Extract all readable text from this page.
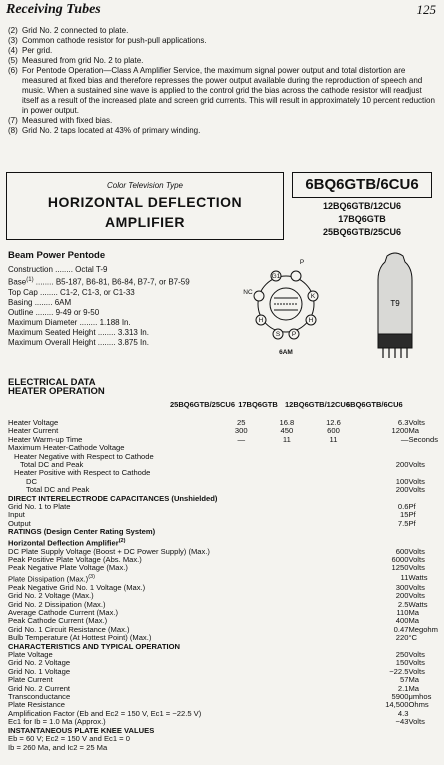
Receiving Tubes	125
(2) Grid No. 2 connected to plate.
(3) Common cathode resistor for push-pull applications.
(4) Per grid.
(5) Measured from grid No. 2 to plate.
(6) For Pentode Operation—Class A Amplifier Service, the maximum signal power output and total distortion are measured at fixed bias and therefore represses the power output available during the reproduction of speech and music. When a sustained sine wave is applied to the control grid the bias across the cathode resistor will readjust itself as a result of the increased plate and screen grid currents. This will result in approximately 10 percent reduction in power output.
(7) Measured with fixed bias.
(8) Grid No. 2 taps located at 43% of primary winding.
Color Television Type
HORIZONTAL DEFLECTION
AMPLIFIER
6BQ6GTB/6CU6
12BQ6GTB/12CU6
17BQ6GTB
25BQ6GTB/25CU6
Beam Power Pentode
Construction ........ Octal T-9
Base$^{(1)}$ ........ B5-187, B6-81, B6-84, B7-7, or B7-59
Top Cap ........ C1-2, C1-3, or C1-33
Basing ........ 6AM
Outline ........ 9-49 or 9-50
Maximum Diameter ........ 1.188 In.
Maximum Seated Height ........ 3.313 In.
Maximum Overall Height ........ 3.875 In.
G1
NC
K
H	H
S P
P
6AM
T9
ELECTRICAL DATA
HEATER OPERATION
25BQ6GTB/25CU6 17BQ6GTB 12BQ6GTB/12CU6
6BQ6GTB/6CU6
Heater Voltage	25	16.8	12.6	6.3	Volts
Heater Current	300	450	600	1200	Ma
Heater Warm-up Time	—	11	11	—	Seconds
Maximum Heater-Cathode Voltage					
Heater Negative with Respect to Cathode					
Total DC and Peak				200	Volts
Heater Positive with Respect to Cathode					
DC				100	Volts
Total DC and Peak				200	Volts
DIRECT INTERELECTRODE CAPACITANCES (Unshielded)					
Grid No. 1 to Plate				0.6	Pf
Input				15	Pf
Output				7.5	Pf
RATINGS (Design Center Rating System)					
Horizontal Deflection Amplifier$^{(2)}$					
DC Plate Supply Voltage (Boost + DC Power Supply) (Max.)				600	Volts
Peak Positive Plate Voltage (Abs. Max.)				6000	Volts
Peak Negative Plate Voltage (Max.)				1250	Volts
Plate Dissipation $(Max.)^{(3)}$				11	Watts
Peak Negative Grid No. 1 Voltage (Max.)				300	Volts
Grid No. 2 Voltage (Max.)				200	Volts
Grid No. 2 Dissipation (Max.)				2.5	Watts
Average Cathode Current (Max.)				110	Ma
Peak Cathode Current (Max.)				400	Ma
Grid No. 1 Circuit Resistance (Max.)				0.47	Megohm
Bulb Temperature (At Hottest Point) (Max.)				220	°C
CHARACTERISTICS AND TYPICAL OPERATION					
Plate Voltage				250	Volts
Grid No. 2 Voltage				150	Volts
Grid No. 1 Voltage				−22.5	Volts
Plate Current				57	Ma
Grid No. 2 Current				2.1	Ma
Transconductance				5900	μmhos
Plate Resistance				14,500	Ohms
Amplification Factor (Eb and Ec2 = 150 V, Ec1 = −22.5 V)				4.3	
Ec1 for Ib = 1.0 Ma (Approx.)				−43	Volts
INSTANTANEOUS PLATE KNEE VALUES					
Eb = 60 V; Ec2 = 150 V and Ec1 = 0					
Ib = 260 Ma, and Ic2 = 25 Ma					
